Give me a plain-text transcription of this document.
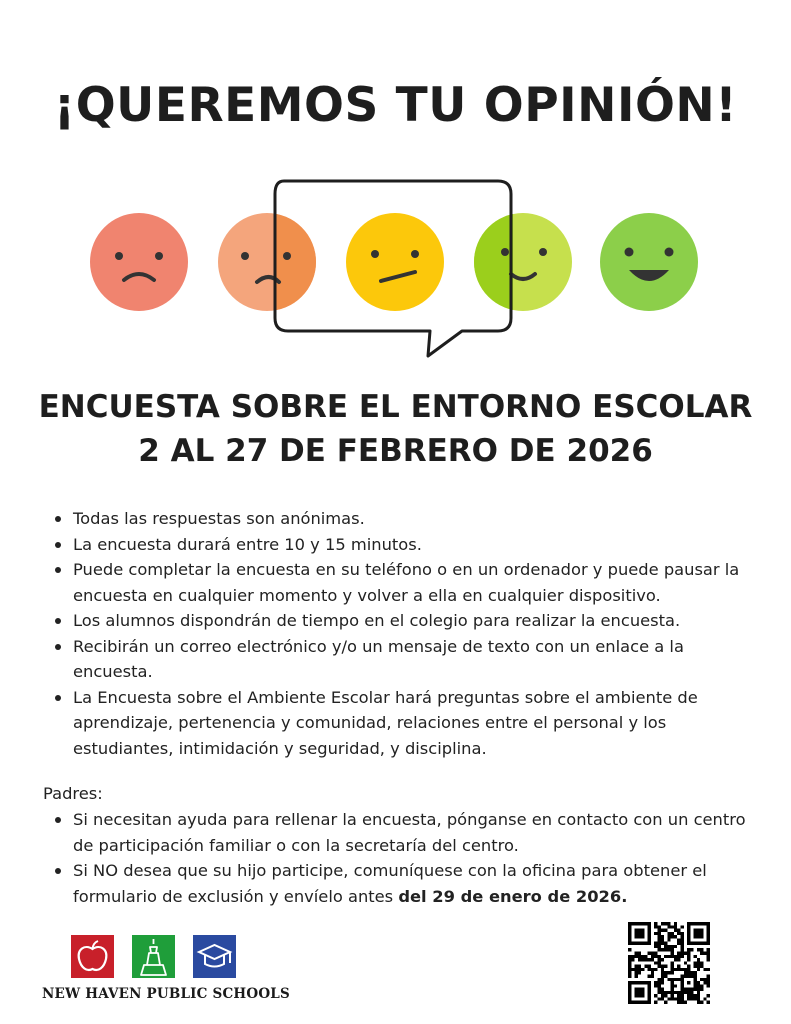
¡QUEREMOS TU OPINIÓN!
ENCUESTA SOBRE EL ENTORNO ESCOLAR
2 AL 27 DE FEBRERO DE 2026
Todas las respuestas son anónimas.
La encuesta durará entre 10 y 15 minutos.
Puede completar la encuesta en su teléfono o en un ordenador y puede pausar la encuesta en cualquier momento y volver a ella en cualquier dispositivo.
Los alumnos dispondrán de tiempo en el colegio para realizar la encuesta.
Recibirán un correo electrónico y/o un mensaje de texto con un enlace a la encuesta.
La Encuesta sobre el Ambiente Escolar hará preguntas sobre el ambiente de aprendizaje, pertenencia y comunidad, relaciones entre el personal y los estudiantes, intimidación y seguridad, y disciplina.
Padres:
Si necesitan ayuda para rellenar la encuesta, pónganse en contacto con un centro de participación familiar o con la secretaría del centro.
Si NO desea que su hijo participe, comuníquese con la oficina para obtener el formulario de exclusión y envíelo antes del 29 de enero de 2026.
NEW HAVEN PUBLIC SCHOOLS
